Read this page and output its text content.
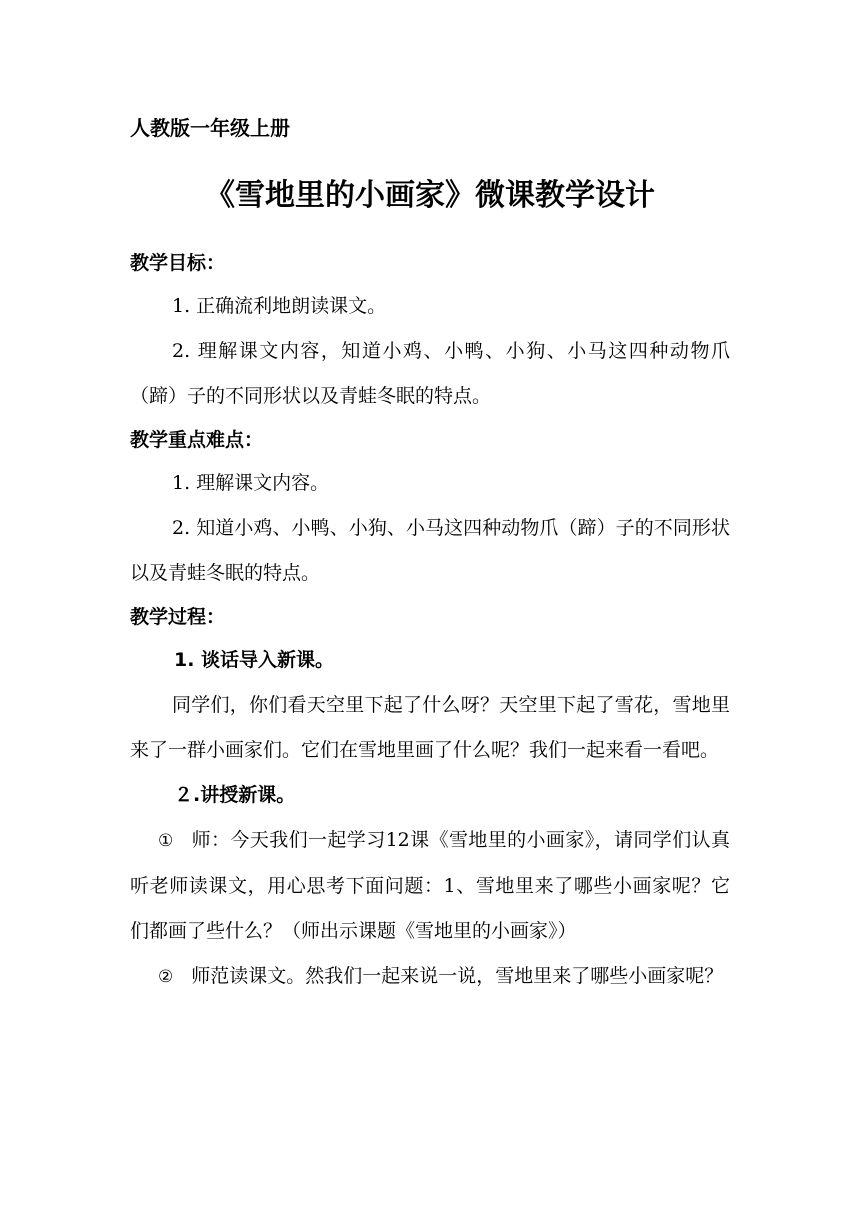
人教版一年级上册

《雪地里的小画家》微课教学设计

教学目标：

1. 正确流利地朗读课文。

2. 理解课文内容，知道小鸡、小鸭、小狗、小马这四种动物爪（蹄）子的不同形状以及青蛙冬眠的特点。

教学重点难点：

1. 理解课文内容。

2. 知道小鸡、小鸭、小狗、小马这四种动物爪（蹄）子的不同形状以及青蛙冬眠的特点。

教学过程：

1. 谈话导入新课。

同学们，你们看天空里下起了什么呀？天空里下起了雪花，雪地里来了一群小画家们。它们在雪地里画了什么呢？我们一起来看一看吧。

２.讲授新课。

① 师：今天我们一起学习12课《雪地里的小画家》，请同学们认真听老师读课文，用心思考下面问题：1、雪地里来了哪些小画家呢？它们都画了些什么？（师出示课题《雪地里的小画家》）

② 师范读课文。然我们一起来说一说，雪地里来了哪些小画家呢？
